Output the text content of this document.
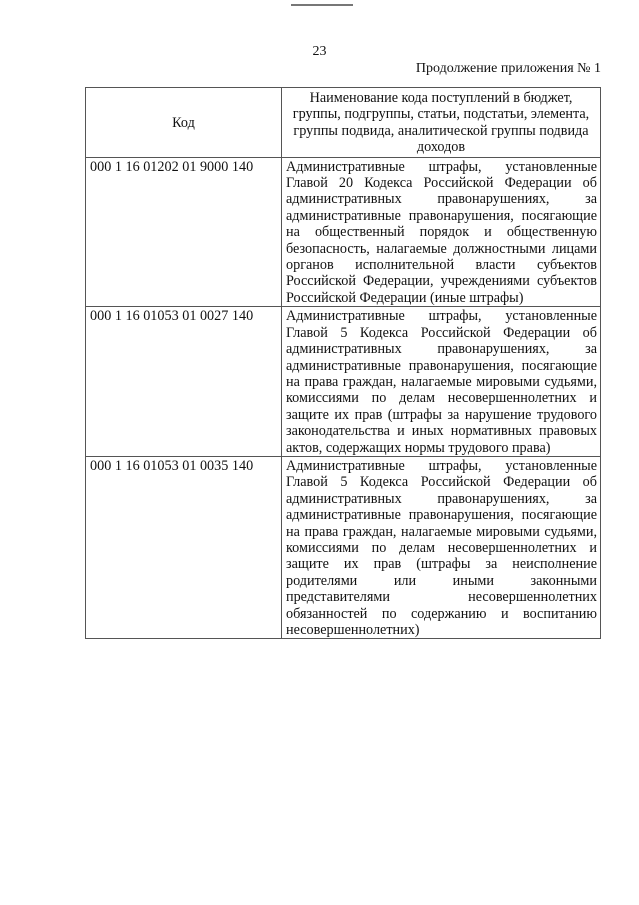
23
Продолжение приложения № 1
Код	Наименование кода поступлений в бюджет, группы, подгруппы, статьи, подстатьи, элемента, группы подвида, аналитической группы подвида доходов
000 1 16 01202 01 9000 140	Административные штрафы, установленные Главой 20 Кодекса Российской Федерации об административных правонарушениях, за административные правонарушения, посягающие на общественный порядок и общественную безопасность, налагаемые должностными лицами органов исполнительной власти субъектов Российской Федерации, учреждениями субъектов Российской Федерации (иные штрафы)
000 1 16 01053 01 0027 140	Административные штрафы, установленные Главой 5 Кодекса Российской Федерации об административных правонарушениях, за административные правонарушения, посягающие на права граждан, налагаемые мировыми судьями, комиссиями по делам несовершеннолетних и защите их прав (штрафы за нарушение трудового законодательства и иных нормативных правовых актов, содержащих нормы трудового права)
000 1 16 01053 01 0035 140	Административные штрафы, установленные Главой 5 Кодекса Российской Федерации об административных правонарушениях, за административные правонарушения, посягающие на права граждан, налагаемые мировыми судьями, комиссиями по делам несовершеннолетних и защите их прав (штрафы за неисполнение родителями или иными законными представителями несовершеннолетних обязанностей по содержанию и воспитанию несовершеннолетних)
